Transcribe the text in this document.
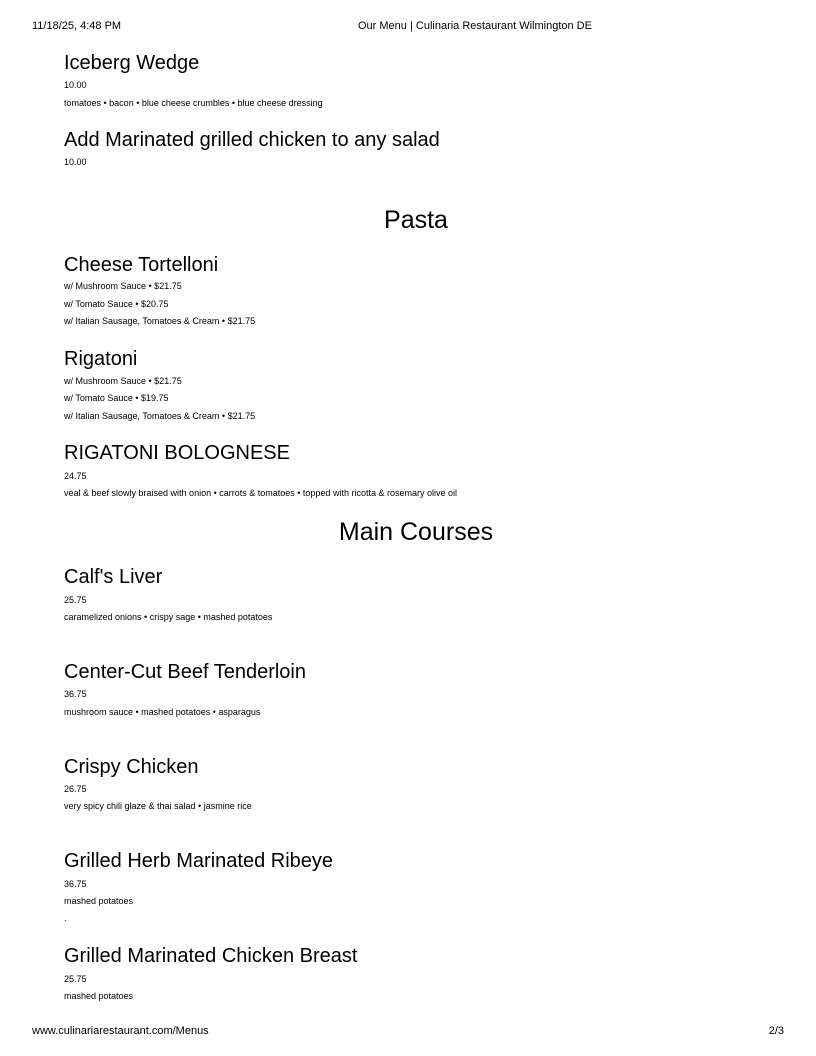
11/18/25, 4:48 PM	Our Menu | Culinaria Restaurant Wilmington DE
Iceberg Wedge
10.00
tomatoes • bacon • blue cheese crumbles • blue cheese dressing
Add Marinated grilled chicken to any salad
10.00
Pasta
Cheese Tortelloni
w/ Mushroom Sauce • $21.75
w/ Tomato Sauce • $20.75
w/ Italian Sausage, Tomatoes & Cream • $21.75
Rigatoni
w/ Mushroom Sauce • $21.75
w/ Tomato Sauce • $19.75
w/ Italian Sausage, Tomatoes & Cream • $21.75
RIGATONI BOLOGNESE
24.75
veal & beef slowly braised with onion • carrots & tomatoes • topped with ricotta & rosemary olive oil
Main Courses
Calf's Liver
25.75
caramelized onions • crispy sage • mashed potatoes
Center-Cut Beef Tenderloin
36.75
mushroom sauce • mashed potatoes • asparagus
Crispy Chicken
26.75
very spicy chili glaze & thai salad • jasmine rice
Grilled Herb Marinated Ribeye
36.75
mashed potatoes
.
Grilled Marinated Chicken Breast
25.75
mashed potatoes
www.culinariarestaurant.com/Menus	2/3
